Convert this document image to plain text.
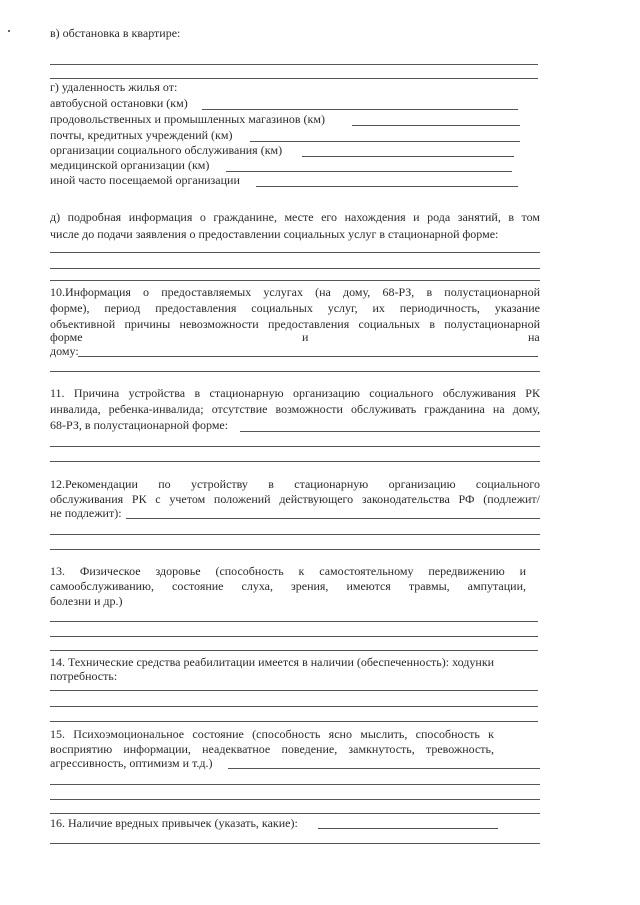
в) обстановка в квартире:
г) удаленность жилья от:
автобусной остановки (км)
продовольственных и промышленных магазинов (км)
почты, кредитных учреждений (км)
организации социального обслуживания (км)
медицинской организации (км)
иной часто посещаемой организации
д) подробная информация о гражданине, месте его нахождения и рода занятий, в том
числе до подачи заявления о предоставлении социальных услуг в стационарной форме:
10.Информация о предоставляемых услугах (на дому, 68-РЗ, в полустационарной
форме), период предоставления социальных услуг, их периодичность, указание
объективной причины невозможности предоставления социальных в полустационарной
форме	и	на
дому:
11. Причина устройства в стационарную организацию социального обслуживания РК
инвалида, ребенка-инвалида; отсутствие возможности обслуживать гражданина на дому,
68-РЗ, в полустационарной форме:
12.Рекомендации по устройству в стационарную организацию социального
обслуживания РК с учетом положений действующего законодательства РФ (подлежит/
не подлежит):
13. Физическое здоровье (способность к самостоятельному передвижению и
самообслуживанию, состояние слуха, зрения, имеются травмы, ампутации,
болезни и др.)
14. Технические средства реабилитации имеется в наличии (обеспеченность): ходунки
потребность:
15. Психоэмоциональное состояние (способность ясно мыслить, способность к
восприятию информации, неадекватное поведение, замкнутость, тревожность,
агрессивность, оптимизм и т.д.)
16. Наличие вредных привычек (указать, какие):
